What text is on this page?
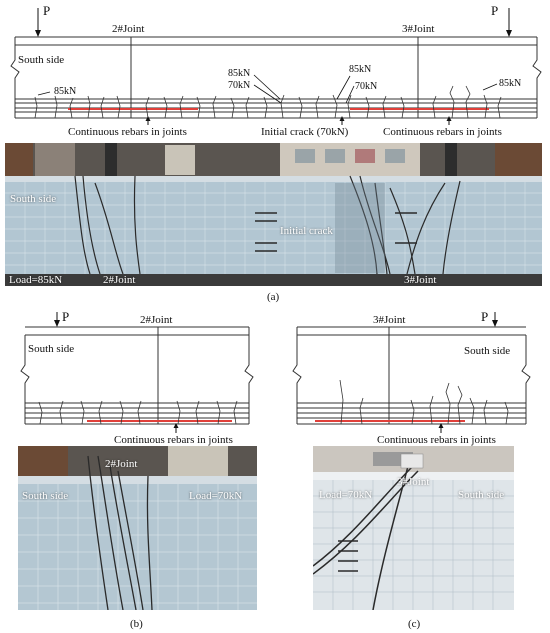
P	P
2#Joint	3#Joint
South side
85kN
85kN
70kN
85kN
70kN	85kN
Continuous rebars in joints	Initial crack (70kN)	Continuous rebars in joints
South side
Initial crack
Load=85kN	2#Joint	3#Joint
(a)
P	2#Joint
South side
Continuous rebars in joints
2#Joint
South side	Load=70kN
(b)
3#Joint	P
South side
Continuous rebars in joints
Load=70kN
3#Joint
South side
(c)
